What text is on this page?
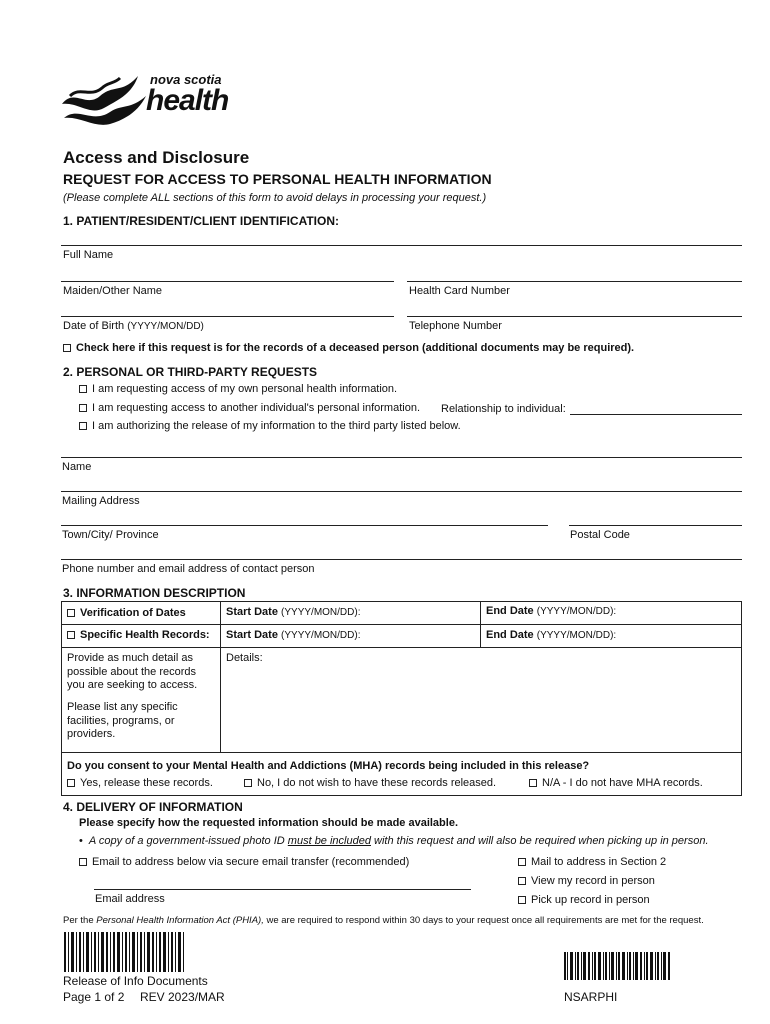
nova scotia
health
Access and Disclosure
REQUEST FOR ACCESS TO PERSONAL HEALTH INFORMATION
(Please complete ALL sections of this form to avoid delays in processing your request.)
1. PATIENT/RESIDENT/CLIENT IDENTIFICATION:
Full Name
Maiden/Other Name	Health Card Number
Date of Birth (YYYY/MON/DD)	Telephone Number
Check here if this request is for the records of a deceased person (additional documents may be required).
2. PERSONAL OR THIRD-PARTY REQUESTS
I am requesting access of my own personal health information.
I am requesting access to another individual's personal information. Relationship to individual:
I am authorizing the release of my information to the third party listed below.
Name
Mailing Address
Town/City/ Province	Postal Code
Phone number and email address of contact person
3. INFORMATION DESCRIPTION
Verification of Dates	Start Date (YYYY/MON/DD):	End Date (YYYY/MON/DD):
Specific Health Records: Start Date (YYYY/MON/DD):	End Date (YYYY/MON/DD):
Provide as much detail as possible about the records you are seeking to access.
Please list any specific facilities, programs, or providers.
Details:
Do you consent to your Mental Health and Addictions (MHA) records being included in this release?
Yes, release these records.	No, I do not wish to have these records released.	N/A - I do not have MHA records.
4. DELIVERY OF INFORMATION
Please specify how the requested information should be made available.
• A copy of a government-issued photo ID must be included with this request and will also be required when picking up in person.
Email to address below via secure email transfer (recommended)
Email address
Mail to address in Section 2
View my record in person
Pick up record in person
Per the Personal Health Information Act (PHIA), we are required to respond within 30 days to your request once all requirements are met for the request.
Release of Info Documents
Page 1 of 2 REV 2023/MAR	NSARPHI
